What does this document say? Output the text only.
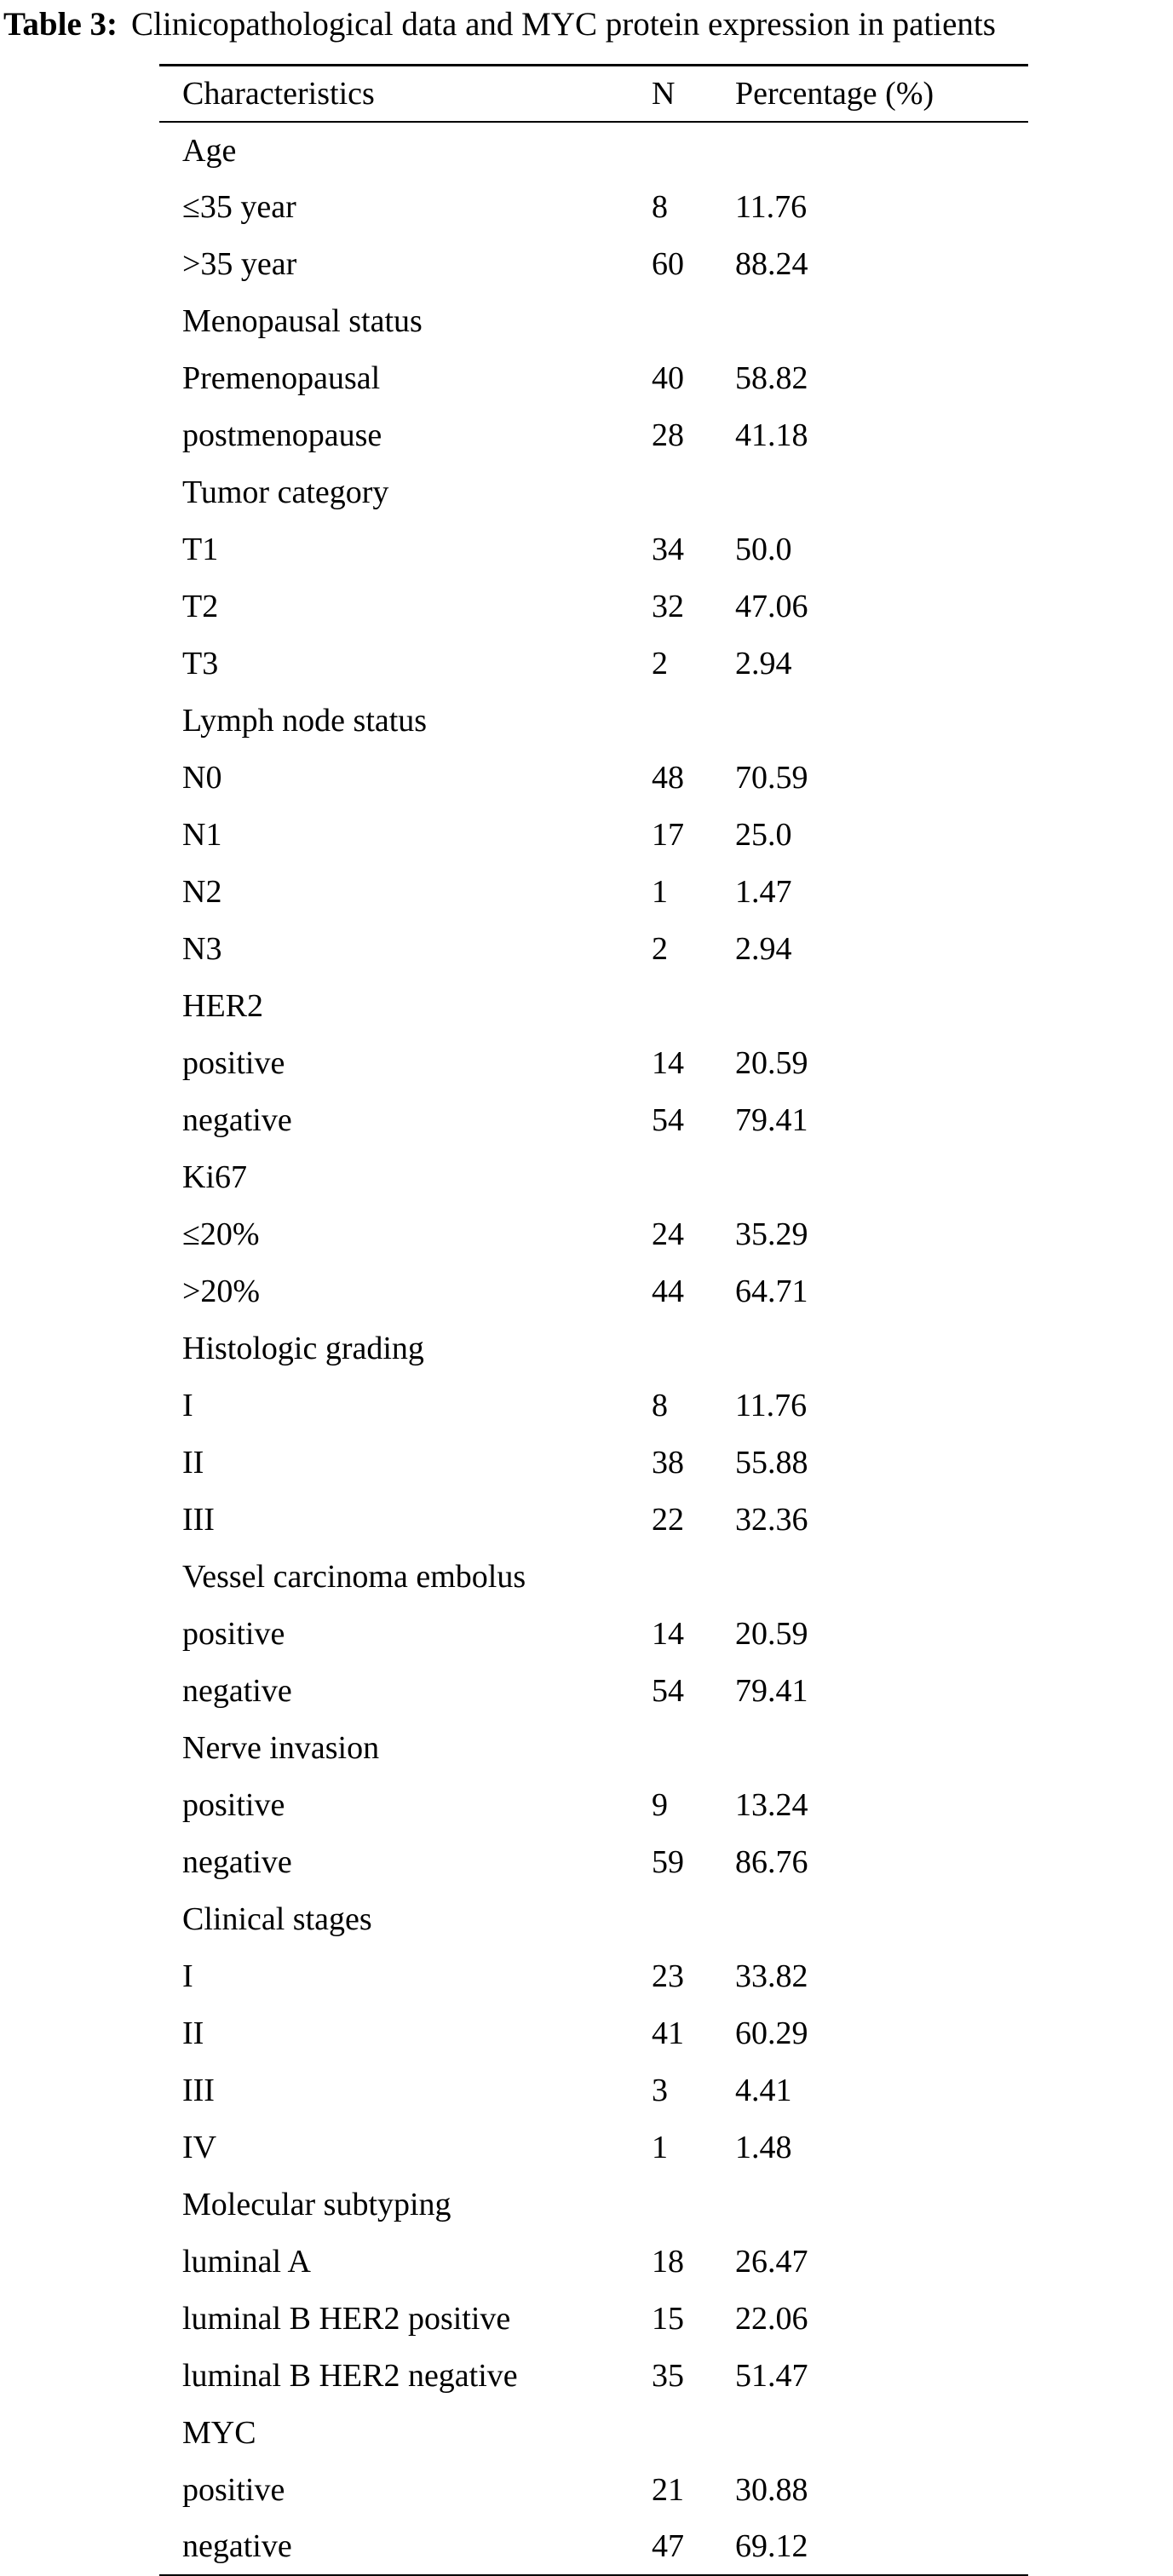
Table 3: Clinicopathological data and MYC protein expression in patients
Characteristics	N	Percentage (%)
Age		
≤35 year	8	11.76
>35 year	60	88.24
Menopausal status		
Premenopausal	40	58.82
postmenopause	28	41.18
Tumor category		
T1	34	50.0
T2	32	47.06
T3	2	2.94
Lymph node status		
N0	48	70.59
N1	17	25.0
N2	1	1.47
N3	2	2.94
HER2		
positive	14	20.59
negative	54	79.41
Ki67		
≤20%	24	35.29
>20%	44	64.71
Histologic grading		
I	8	11.76
II	38	55.88
III	22	32.36
Vessel carcinoma embolus		
positive	14	20.59
negative	54	79.41
Nerve invasion		
positive	9	13.24
negative	59	86.76
Clinical stages		
I	23	33.82
II	41	60.29
III	3	4.41
IV	1	1.48
Molecular subtyping		
luminal A	18	26.47
luminal B HER2 positive	15	22.06
luminal B HER2 negative	35	51.47
MYC		
positive	21	30.88
negative	47	69.12
